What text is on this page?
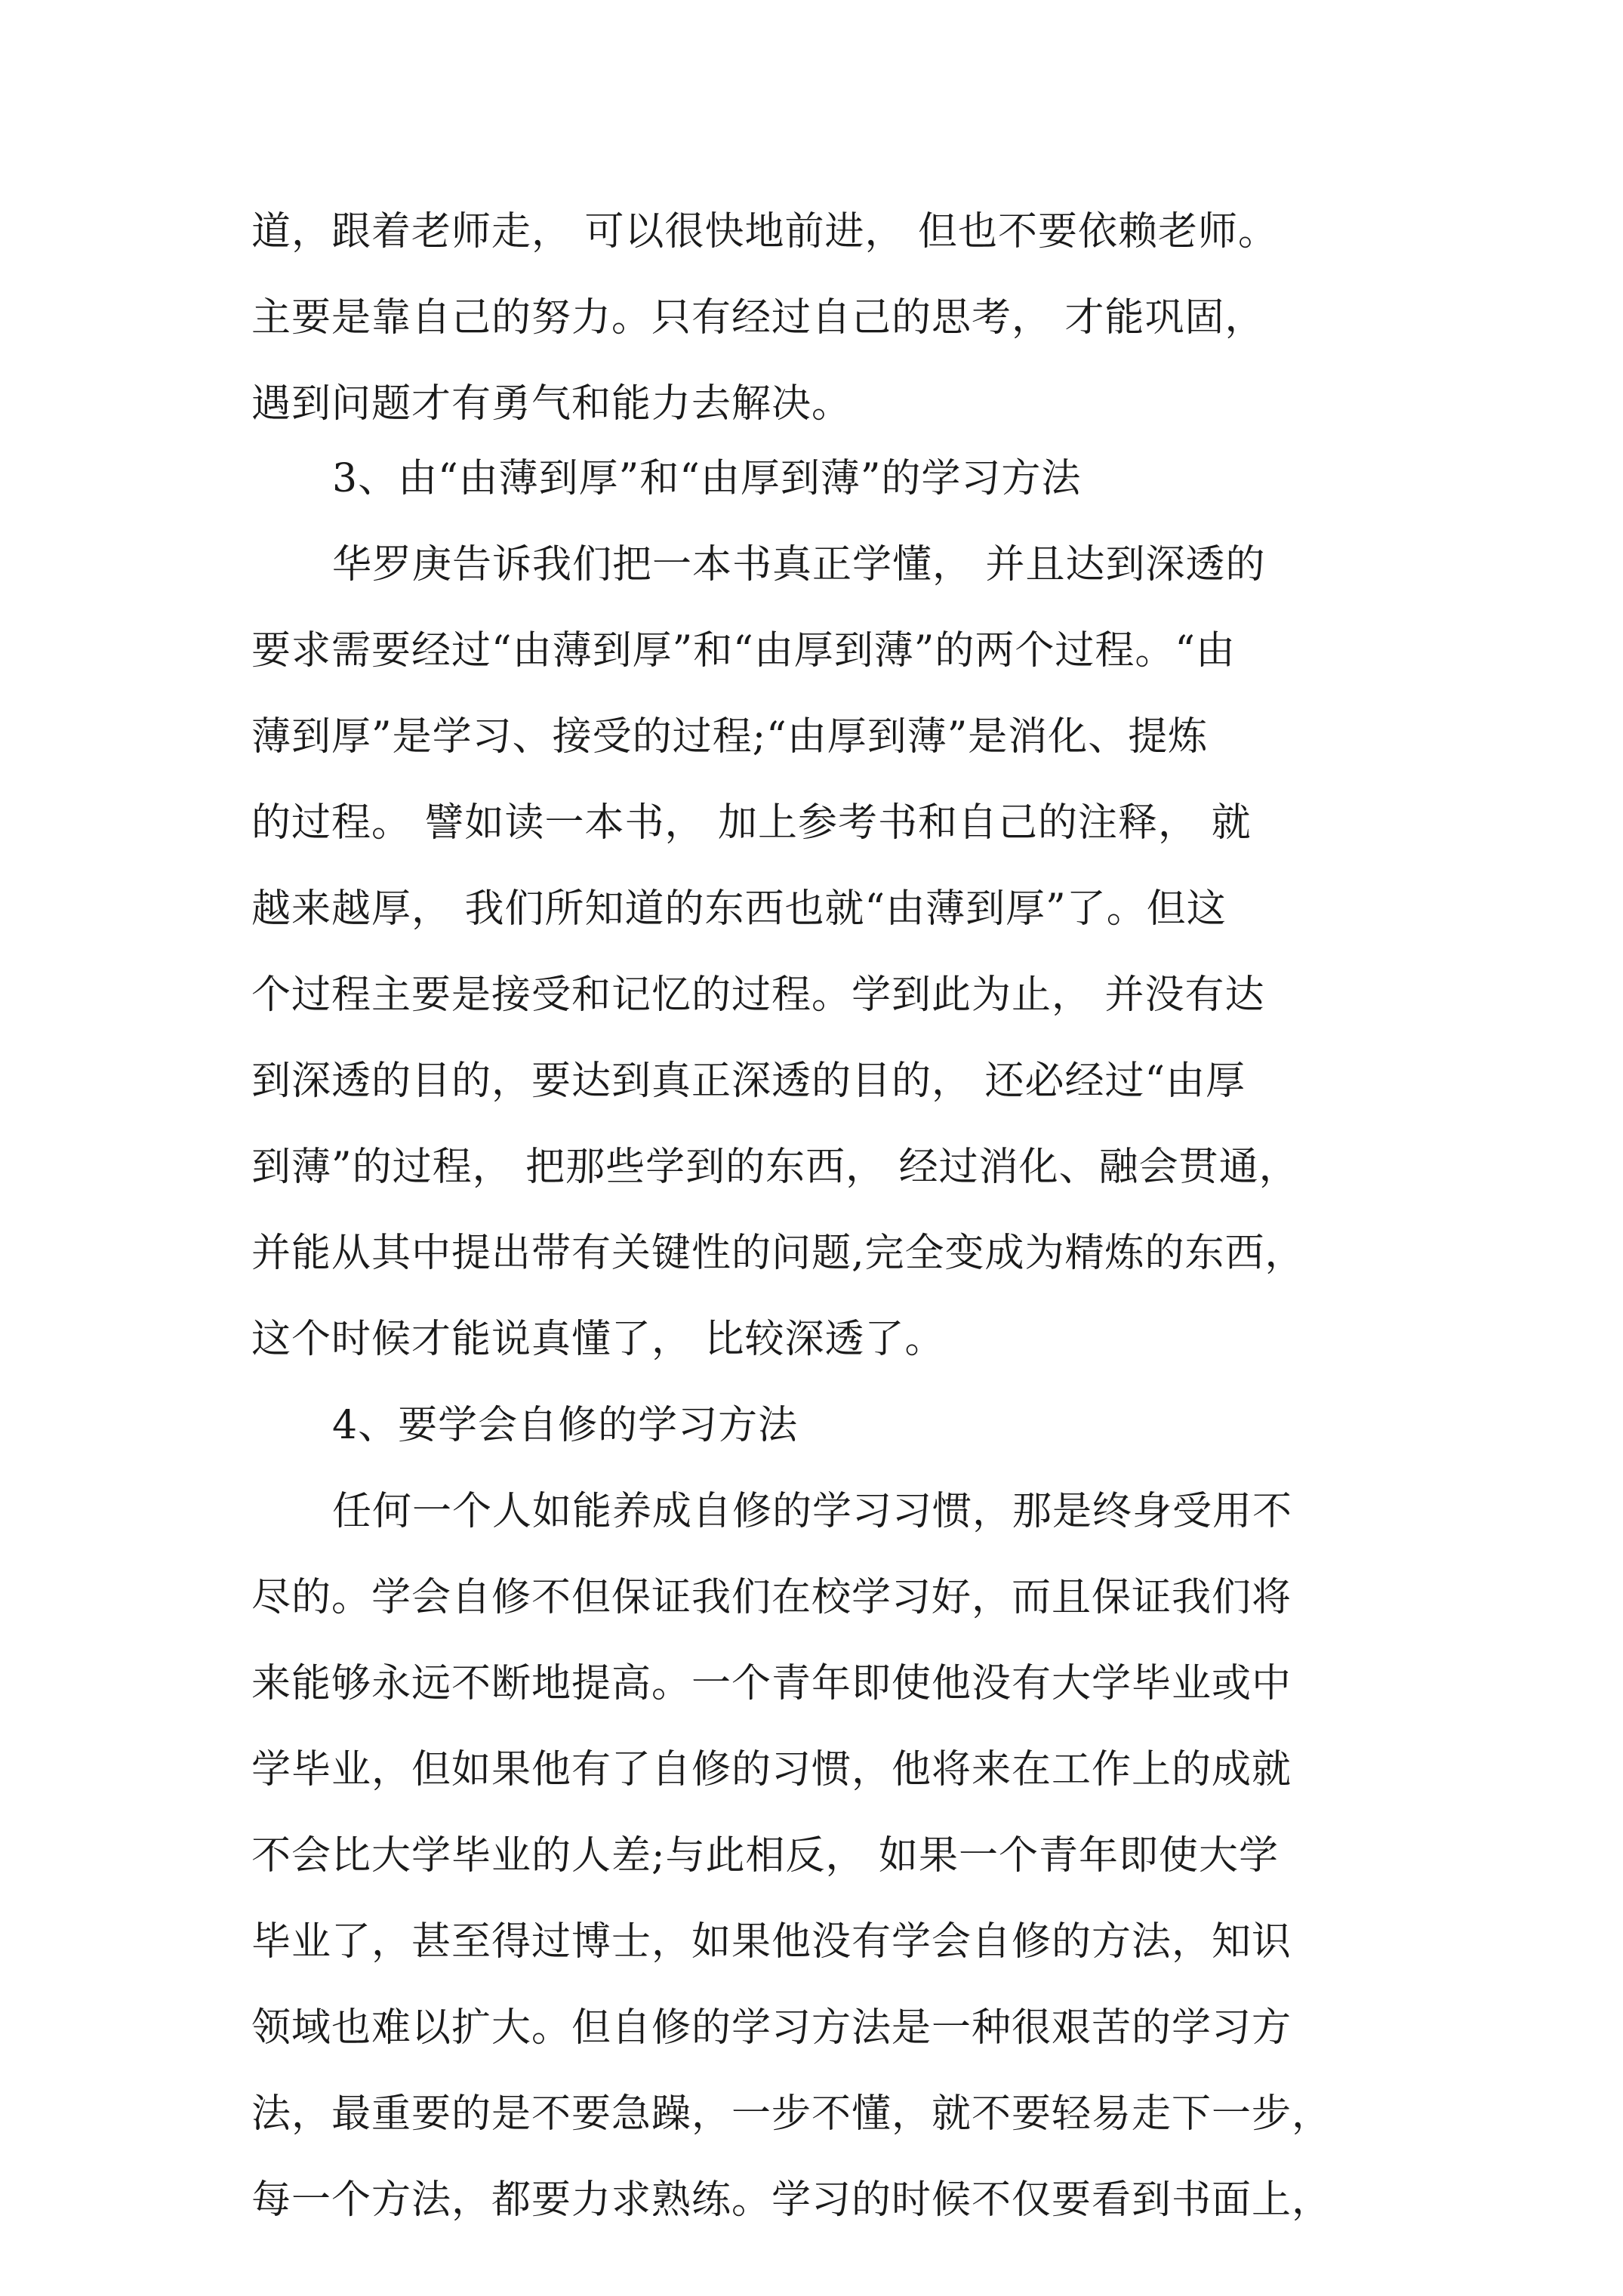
道，跟着老师走， 可以很快地前进， 但也不要依赖老师。
主要是靠自己的努力。只有经过自己的思考， 才能巩固，
遇到问题才有勇气和能力去解决。
3、由“由薄到厚”和“由厚到薄”的学习方法
华罗庚告诉我们把一本书真正学懂， 并且达到深透的
要求需要经过“由薄到厚”和“由厚到薄”的两个过程。“由
薄到厚”是学习、接受的过程;“由厚到薄”是消化、提炼
的过程。 譬如读一本书， 加上参考书和自己的注释， 就
越来越厚， 我们所知道的东西也就“由薄到厚”了。但这
个过程主要是接受和记忆的过程。学到此为止， 并没有达
到深透的目的，要达到真正深透的目的， 还必经过“由厚
到薄”的过程， 把那些学到的东西， 经过消化、融会贯通，
并能从其中提出带有关键性的问题,完全变成为精炼的东西，
这个时候才能说真懂了， 比较深透了。
4、要学会自修的学习方法
任何一个人如能养成自修的学习习惯，那是终身受用不
尽的。学会自修不但保证我们在校学习好，而且保证我们将
来能够永远不断地提高。一个青年即使他没有大学毕业或中
学毕业，但如果他有了自修的习惯，他将来在工作上的成就
不会比大学毕业的人差;与此相反， 如果一个青年即使大学
毕业了，甚至得过博士，如果他没有学会自修的方法，知识
领域也难以扩大。但自修的学习方法是一种很艰苦的学习方
法，最重要的是不要急躁，一步不懂，就不要轻易走下一步，
每一个方法，都要力求熟练。学习的时候不仅要看到书面上，
